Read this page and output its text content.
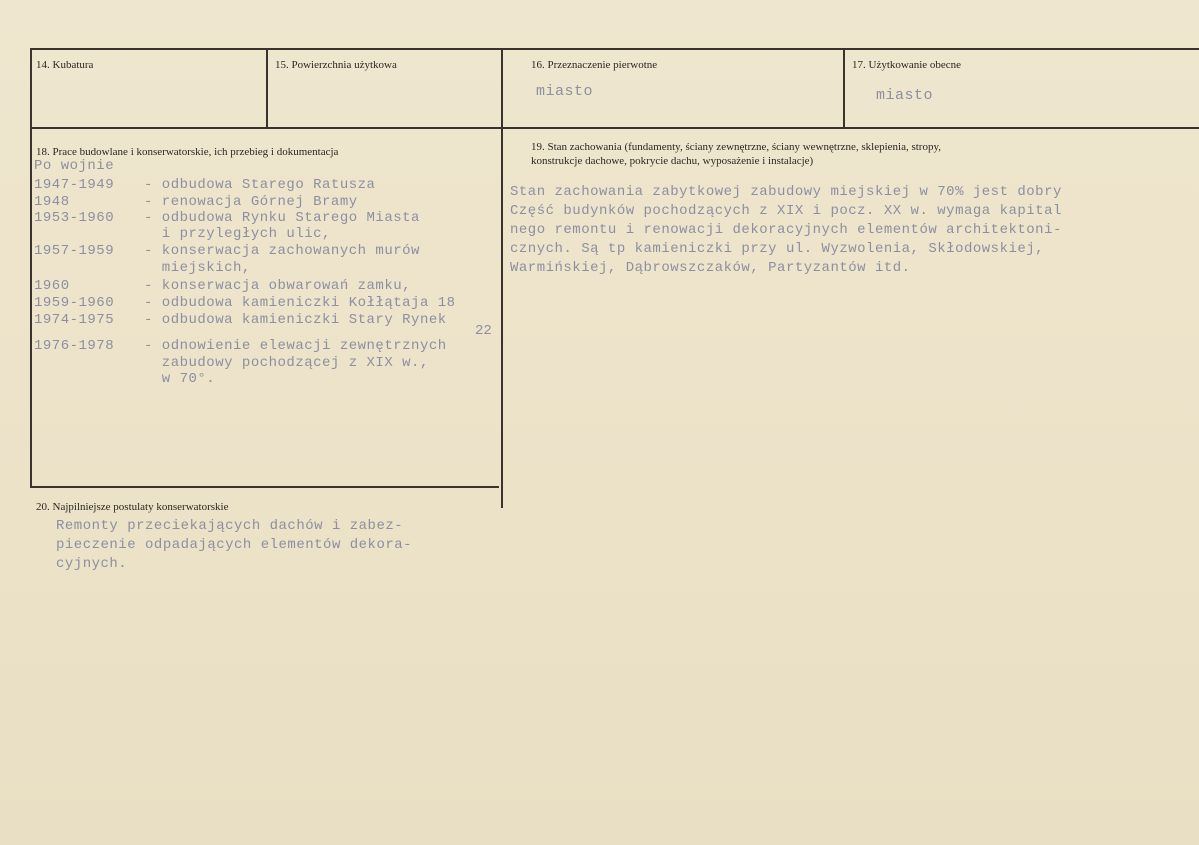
14. Kubatura	15. Powierzchnia użytkowa	16. Przeznaczenie pierwotne
miasto
17. Użytkowanie obecne
miasto
18. Prace budowlane i konserwatorskie, ich przebieg i dokumentacja
Po wojnie
1947-1949 - odbudowa Starego Ratusza
1948	- renowacja Górnej Bramy
1953-1960 - odbudowa Rynku Starego Miasta
i przyległych ulic,
1957-1959 - konserwacja zachowanych murów
miejskich,
1960	- konserwacja obwarowań zamku,
1959-1960 - odbudowa kamieniczki Kołłątaja 18
1974-1975 - odbudowa kamieniczki Stary Rynek
1976-1978 - odnowienie elewacji zewnętrznych
zabudowy pochodzącej z XIX w.,
w 70°.
22
19. Stan zachowania (fundamenty, ściany zewnętrzne, ściany wewnętrzne, sklepienia, stropy,
konstrukcje dachowe, pokrycie dachu, wyposażenie i instalacje)
Stan zachowania zabytkowej zabudowy miejskiej w 70% jest dobry
Część budynków pochodzących z XIX i pocz. XX w. wymaga kapital
nego remontu i renowacji dekoracyjnych elementów architektoni-
cznych. Są tp kamieniczki przy ul. Wyzwolenia, Skłodowskiej,
Warmińskiej, Dąbrowszczaków, Partyzantów itd.
20. Najpilniejsze postulaty konserwatorskie
Remonty przeciekających dachów i zabez-
pieczenie odpadających elementów dekora-
cyjnych.
